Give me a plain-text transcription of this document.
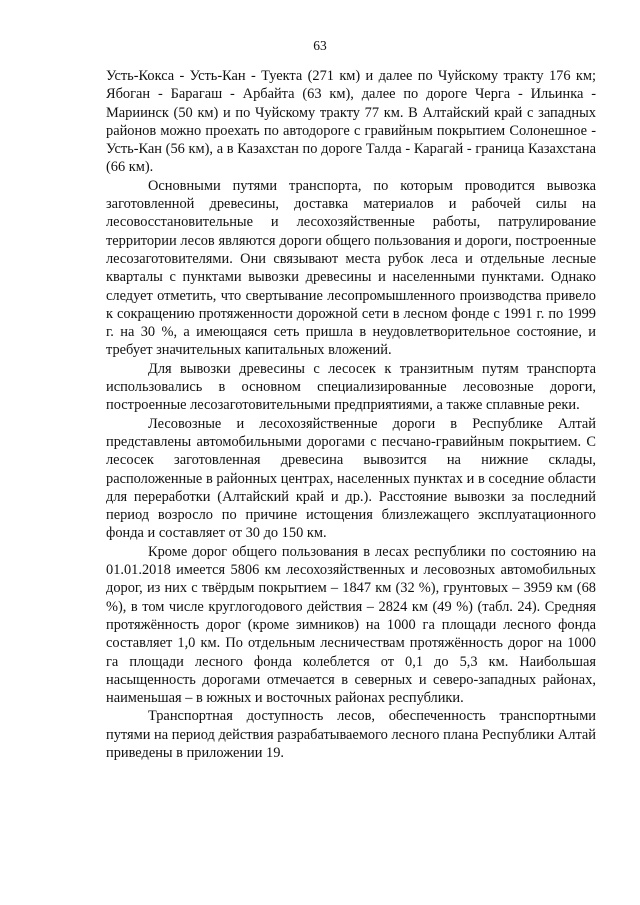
63

Усть-Кокса - Усть-Кан - Туекта (271 км) и далее по Чуйскому тракту 176 км; Ябоган - Барагаш - Арбайта (63 км), далее по дороге Черга - Ильинка - Мариинск (50 км) и по Чуйскому тракту 77 км. В Алтайский край с западных районов можно проехать по автодороге с гравийным покрытием Солонешное - Усть-Кан (56 км), а в Казахстан по дороге Талда - Карагай - граница Казахстана (66 км).

Основными путями транспорта, по которым проводится вывозка заготовленной древесины, доставка материалов и рабочей силы на лесовосстановительные и лесохозяйственные работы, патрулирование территории лесов являются дороги общего пользования и дороги, построенные лесозаготовителями. Они связывают места рубок леса и отдельные лесные кварталы с пунктами вывозки древесины и населенными пунктами. Однако следует отметить, что свертывание лесопромышленного производства привело к сокращению протяженности дорожной сети в лесном фонде с 1991 г. по 1999 г. на 30 %, а имеющаяся сеть пришла в неудовлетворительное состояние, и требует значительных капитальных вложений.

Для вывозки древесины с лесосек к транзитным путям транспорта использовались в основном специализированные лесовозные дороги, построенные лесозаготовительными предприятиями, а также сплавные реки.

Лесовозные и лесохозяйственные дороги в Республике Алтай представлены автомобильными дорогами с песчано-гравийным покрытием. С лесосек заготовленная древесина вывозится на нижние склады, расположенные в районных центрах, населенных пунктах и в соседние области для переработки (Алтайский край и др.). Расстояние вывозки за последний период возросло по причине истощения близлежащего эксплуатационного фонда и составляет от 30 до 150 км.

Кроме дорог общего пользования в лесах республики по состоянию на 01.01.2018 имеется 5806 км лесохозяйственных и лесовозных автомобильных дорог, из них с твёрдым покрытием – 1847 км (32 %), грунтовых – 3959 км (68 %), в том числе круглогодового действия – 2824 км (49 %) (табл. 24). Средняя протяжённость дорог (кроме зимников) на 1000 га площади лесного фонда составляет 1,0 км. По отдельным лесничествам протяжённость дорог на 1000 га площади лесного фонда колеблется от 0,1 до 5,3 км. Наибольшая насыщенность дорогами отмечается в северных и северо-западных районах, наименьшая – в южных и восточных районах республики.

Транспортная доступность лесов, обеспеченность транспортными путями на период действия разрабатываемого лесного плана Республики Алтай приведены в приложении 19.
